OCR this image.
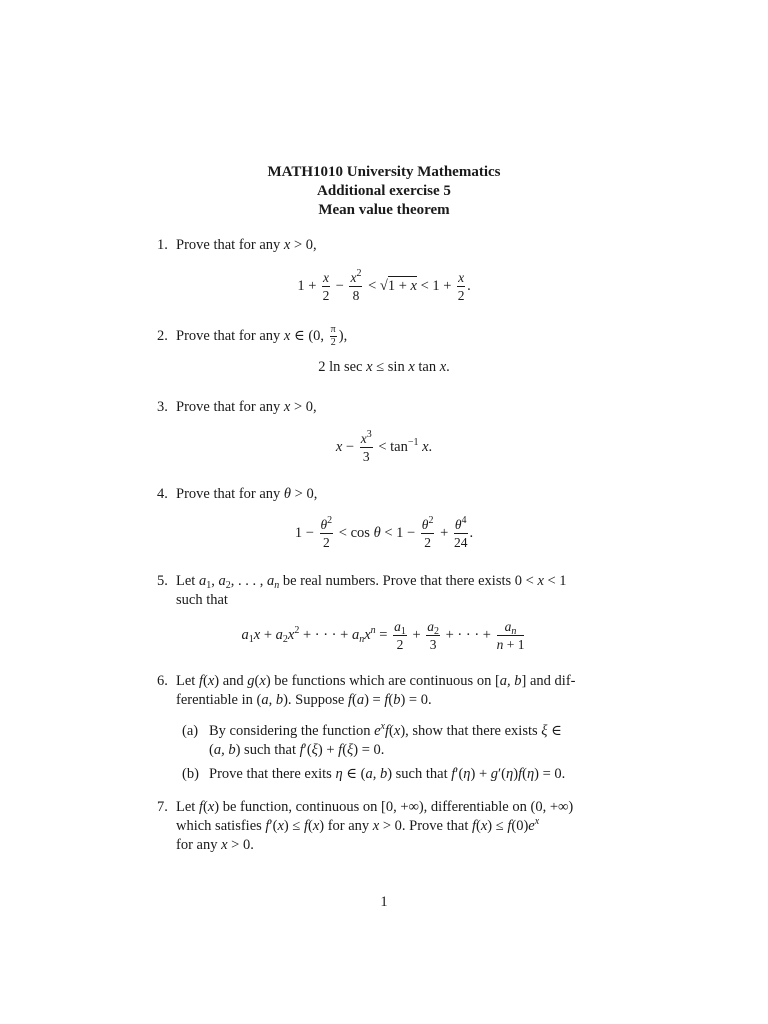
MATH1010 University Mathematics
Additional exercise 5
Mean value theorem
1. Prove that for any x > 0,
$1 + \frac{x}{2} - \frac{x^2}{8} < √1 + x < 1 + \frac{x}{2}$ .
2. Prove that for any x ∈ (0, $\frac{\pi}{2}$ ),
2 ln sec x ≤ sin x tan x.
3. Prove that for any x > 0,
$x - \frac{x^3}{3} < \tan^{-1} x$.
4. Prove that for any θ > 0,
$1 - \frac{\theta^2}{2} < \cos \theta < 1 - \frac{\theta^2}{2} + \frac{\theta^4}{24}$ .
5. Let $a_1$, $a_2$, . . . , $a_n$ be real numbers. Prove that there exists 0 < x < 1
such that
$a_1x + a_2x^2$ + · · · + $a_nx^n = \frac{a_1}{2} + \frac{a_2}{3}$ + · · · + $\frac{a_n}{n + 1}$
6. Let f(x) and g(x) be functions which are continuous on [a, b] and dif-
ferentiable in (a, b). Suppose f(a) = f(b) = 0.
(a) By considering the function $e^xf(x)$, show that there exists ξ ∈
(a, b) such that f′(ξ) + f(ξ) = 0.
(b) Prove that there exits η ∈ (a, b) such that f′(η) + g′(η)f(η) = 0.
7. Let f(x) be function, continuous on [0, +∞), differentiable on (0, +∞)
which satisfies f′(x) ≤ f(x) for any x > 0. Prove that $f(x) \le f(0)e^x$
for any x > 0.
1
